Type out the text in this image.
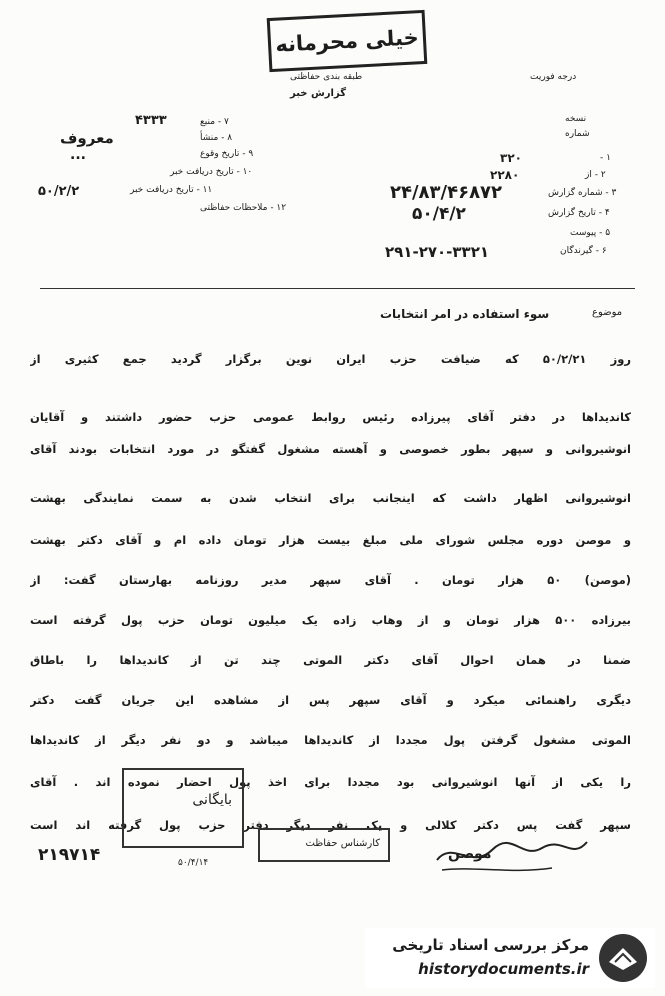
خیلی محرمانه
طبقه بندی حفاظتی
گزارش خبر
درجه فوریت
۷ - منبع
۸ - منشأ
۹ - تاریخ وقوع
۱۰ - تاریخ دریافت خبر
۱۱ - تاریخ دریافت خبر
۱۲ - ملاحظات حفاظتی
۴۳۳۳
معروف
...
۵۰/۲/۲
نسخه
شماره
۱ -
۲ - از
۳ - شماره گزارش
۴ - تاریخ گزارش
۵ - پیوست
۶ - گیرندگان
۳۲۰
۲۲۸۰
۲۴/۸۳/۴۶۸۷۲
۵۰/۴/۲
۲۹۱-۲۷۰-۳۳۲۱
سوء استفاده در امر انتخابات	موضوع
روز ۵۰/۲/۲۱ که ضیافت حزب ایران نوین برگزار گردید جمع کثیری از
کاندیداها در دفتر آقای پیرزاده رئیس روابط عمومی حزب حضور داشتند و آقایان
انوشیروانی و سپهر بطور خصوصی و آهسته مشغول گفتگو در مورد انتخابات بودند آقای
انوشیروانی اظهار داشت که اینجانب برای انتخاب شدن به سمت نمایندگی بهشت
و موصن دوره مجلس شورای ملی مبلغ بیست هزار تومان داده ام و آقای دکتر بهشت
(موصن) ۵۰ هزار تومان . آقای سپهر مدیر روزنامه بهارستان گفت: از
بیرزاده ۵۰۰ هزار تومان و از وهاب زاده یک میلیون تومان حزب پول گرفته است
ضمنا در همان احوال آقای دکتر الموتی چند تن از کاندیداها را باطاق
دیگری راهنمائی میکرد و آقای سپهر پس از مشاهده این جریان گفت دکتر
الموتی مشغول گرفتن پول مجددا از کاندیداها میباشد و دو نفر دیگر از کاندیداها
را یکی از آنها انوشیروانی بود مجددا برای اخذ پول احضار نموده اند . آقای
سپهر گفت پس دکتر کلالی و یک نفر دیگر دفتر حزب پول گرفته اند است
بایگانی
کارشناس حفاظت
۲۱۹۷۱۴	۵۰/۴/۱۴
موصن
مرکز بررسی اسناد تاریخی
historydocuments.ir
